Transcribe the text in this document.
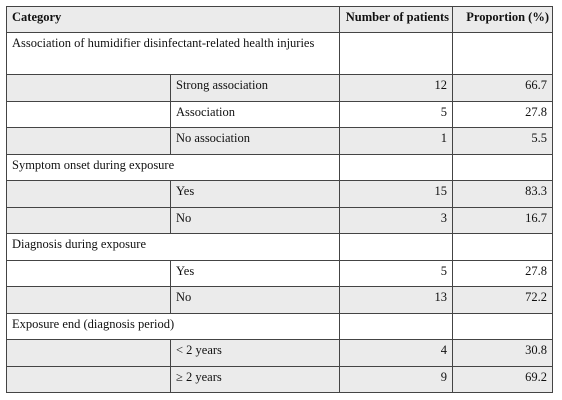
Category		Number of patients	Proportion (%)
Association of humidifier disinfectant-related health injuries			
	Strong association	12	66.7
	Association	5	27.8
	No association	1	5.5
Symptom onset during exposure			
	Yes	15	83.3
	No	3	16.7
Diagnosis during exposure			
	Yes	5	27.8
	No	13	72.2
Exposure end (diagnosis period)			
	< 2 years	4	30.8
	≥ 2 years	9	69.2
